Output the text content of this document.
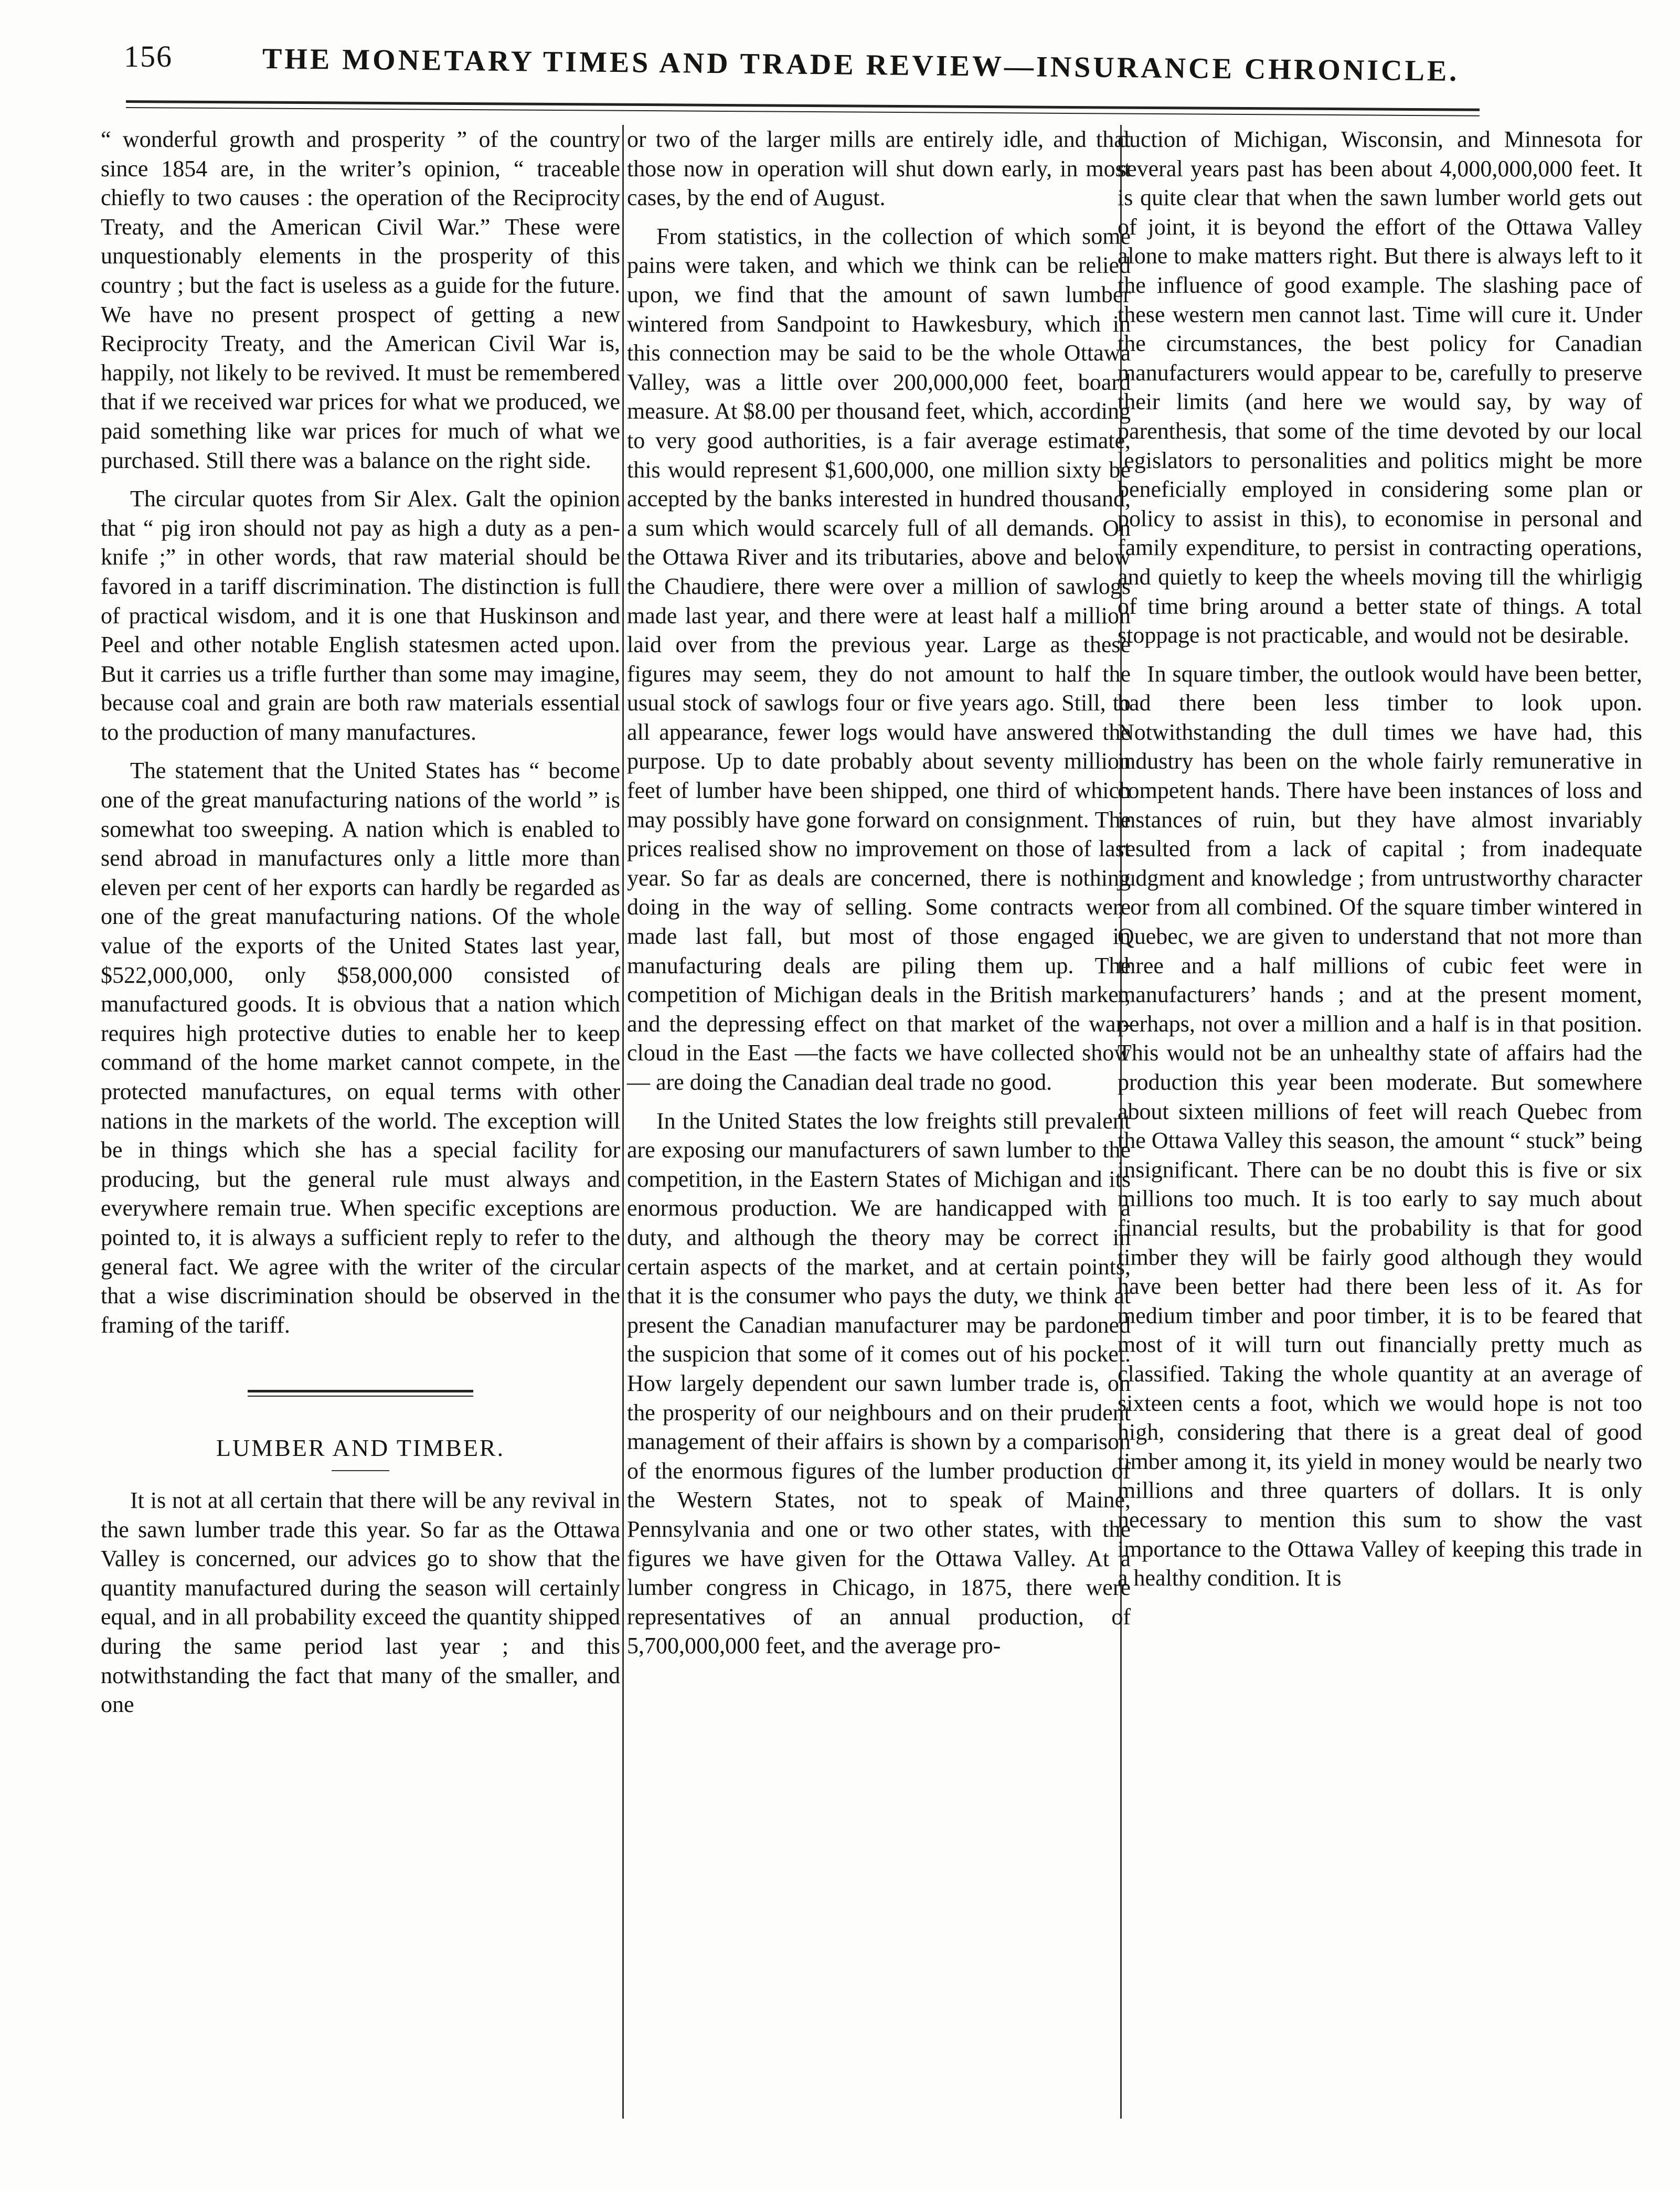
156	THE MONETARY TIMES AND TRADE REVIEW—INSURANCE CHRONICLE.

“ wonderful growth and prosperity ” of the country since 1854 are, in the writer’s opinion, “ traceable chiefly to two causes : the operation of the Reciprocity Treaty, and the American Civil War.” These were unquestionably elements in the prosperity of this country ; but the fact is useless as a guide for the future. We have no present prospect of getting a new Reciprocity Treaty, and the American Civil War is, happily, not likely to be revived. It must be remembered that if we received war prices for what we produced, we paid something like war prices for much of what we purchased. Still there was a balance on the right side.

The circular quotes from Sir Alex. Galt the opinion that “ pig iron should not pay as high a duty as a pen-knife ;” in other words, that raw material should be favored in a tariff discrimination. The distinction is full of practical wisdom, and it is one that Huskinson and Peel and other notable English statesmen acted upon. But it carries us a trifle further than some may imagine, because coal and grain are both raw materials essential to the production of many manufactures.

The statement that the United States has “ become one of the great manufacturing nations of the world ” is somewhat too sweeping. A nation which is enabled to send abroad in manufactures only a little more than eleven per cent of her exports can hardly be regarded as one of the great manufacturing nations. Of the whole value of the exports of the United States last year, $522,000,000, only $58,000,000 consisted of manufactured goods. It is obvious that a nation which requires high protective duties to enable her to keep command of the home market cannot compete, in the protected manufactures, on equal terms with other nations in the markets of the world. The exception will be in things which she has a special facility for producing, but the general rule must always and everywhere remain true. When specific exceptions are pointed to, it is always a sufficient reply to refer to the general fact. We agree with the writer of the circular that a wise discrimination should be observed in the framing of the tariff.

LUMBER AND TIMBER.

It is not at all certain that there will be any revival in the sawn lumber trade this year. So far as the Ottawa Valley is concerned, our advices go to show that the quantity manufactured during the season will certainly equal, and in all probability exceed the quantity shipped during the same period last year ; and this notwithstanding the fact that many of the smaller, and one

or two of the larger mills are entirely idle, and that those now in operation will shut down early, in most cases, by the end of August.

From statistics, in the collection of which some pains were taken, and which we think can be relied upon, we find that the amount of sawn lumber wintered from Sandpoint to Hawkesbury, which in this connection may be said to be the whole Ottawa Valley, was a little over 200,000,000 feet, board measure. At $8.00 per thousand feet, which, according to very good authorities, is a fair average estimate, this would represent $1,600,000, one million sixty be accepted by the banks interested in hundred thousand, a sum which would scarcely full of all demands. On the Ottawa River and its tributaries, above and below the Chaudiere, there were over a million of sawlogs made last year, and there were at least half a million laid over from the previous year. Large as these figures may seem, they do not amount to half the usual stock of sawlogs four or five years ago. Still, to all appearance, fewer logs would have answered the purpose. Up to date probably about seventy million feet of lumber have been shipped, one third of which may possibly have gone forward on consignment. The prices realised show no improvement on those of last year. So far as deals are concerned, there is nothing doing in the way of selling. Some contracts were made last fall, but most of those engaged in manufacturing deals are piling them up. The competition of Michigan deals in the British market, and the depressing effect on that market of the war-cloud in the East —the facts we have collected show— are doing the Canadian deal trade no good.

In the United States the low freights still prevalent are exposing our manufacturers of sawn lumber to the competition, in the Eastern States of Michigan and its enormous production. We are handicapped with a duty, and although the theory may be correct in certain aspects of the market, and at certain points, that it is the consumer who pays the duty, we think at present the Canadian manufacturer may be pardoned the suspicion that some of it comes out of his pocket. How largely dependent our sawn lumber trade is, on the prosperity of our neighbours and on their prudent management of their affairs is shown by a comparison of the enormous figures of the lumber production of the Western States, not to speak of Maine, Pennsylvania and one or two other states, with the figures we have given for the Ottawa Valley. At a lumber congress in Chicago, in 1875, there were representatives of an annual production, of 5,700,000,000 feet, and the average pro-

duction of Michigan, Wisconsin, and Minnesota for several years past has been about 4,000,000,000 feet. It is quite clear that when the sawn lumber world gets out of joint, it is beyond the effort of the Ottawa Valley alone to make matters right. But there is always left to it the influence of good example. The slashing pace of these western men cannot last. Time will cure it. Under the circumstances, the best policy for Canadian manufacturers would appear to be, carefully to preserve their limits (and here we would say, by way of parenthesis, that some of the time devoted by our local legislators to personalities and politics might be more beneficially employed in considering some plan or policy to assist in this), to economise in personal and family expenditure, to persist in contracting operations, and quietly to keep the wheels moving till the whirligig of time bring around a better state of things. A total stoppage is not practicable, and would not be desirable.

In square timber, the outlook would have been better, had there been less timber to look upon. Notwithstanding the dull times we have had, this industry has been on the whole fairly remunerative in competent hands. There have been instances of loss and instances of ruin, but they have almost invariably resulted from a lack of capital ; from inadequate judgment and knowledge ; from untrustworthy character ; or from all combined. Of the square timber wintered in Quebec, we are given to understand that not more than three and a half millions of cubic feet were in manufacturers’ hands ; and at the present moment, perhaps, not over a million and a half is in that position. This would not be an unhealthy state of affairs had the production this year been moderate. But somewhere about sixteen millions of feet will reach Quebec from the Ottawa Valley this season, the amount “ stuck” being insignificant. There can be no doubt this is five or six millions too much. It is too early to say much about financial results, but the probability is that for good timber they will be fairly good although they would have been better had there been less of it. As for medium timber and poor timber, it is to be feared that most of it will turn out financially pretty much as classified. Taking the whole quantity at an average of sixteen cents a foot, which we would hope is not too high, considering that there is a great deal of good timber among it, its yield in money would be nearly two millions and three quarters of dollars. It is only necessary to mention this sum to show the vast importance to the Ottawa Valley of keeping this trade in a healthy condition. It is
